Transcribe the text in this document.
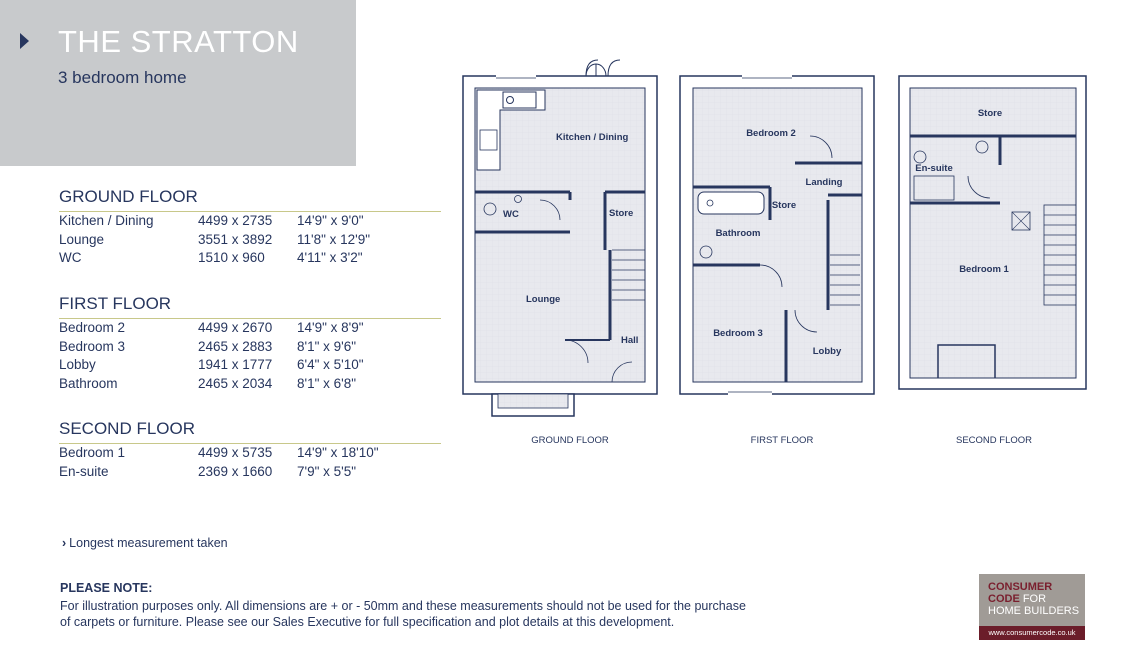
THE STRATTON
3 bedroom home
GROUND FLOOR
Kitchen / Dining	4499 x 2735	14'9" x 9'0"
Lounge	3551 x 3892	11'8" x 12'9"
WC	1510 x 960	4'11" x 3'2"
FIRST FLOOR
Bedroom 2	4499 x 2670	14'9" x 8'9"
Bedroom 3	2465 x 2883	8'1" x 9'6"
Lobby	1941 x 1777	6'4" x 5'10"
Bathroom	2465 x 2034	8'1" x 6'8"
SECOND FLOOR
Bedroom 1	4499 x 5735	14'9" x 18'10"
En-suite	2369 x 1660	7'9" x 5'5"
› Longest measurement taken
PLEASE NOTE:
For illustration purposes only. All dimensions are + or - 50mm and these measurements should not be used for the purchase
of carpets or furniture. Please see our Sales Executive for full specification and plot details at this development.
CONSUMER
CODE FOR
HOME BUILDERS
www.consumercode.co.uk
Kitchen / Dining
WC	Store
Lounge
Hall
GROUND FLOOR
Bedroom 2
Landing
Store
Bathroom
Bedroom 3
Lobby
FIRST FLOOR
Store
En-suite
Bedroom 1
SECOND FLOOR
